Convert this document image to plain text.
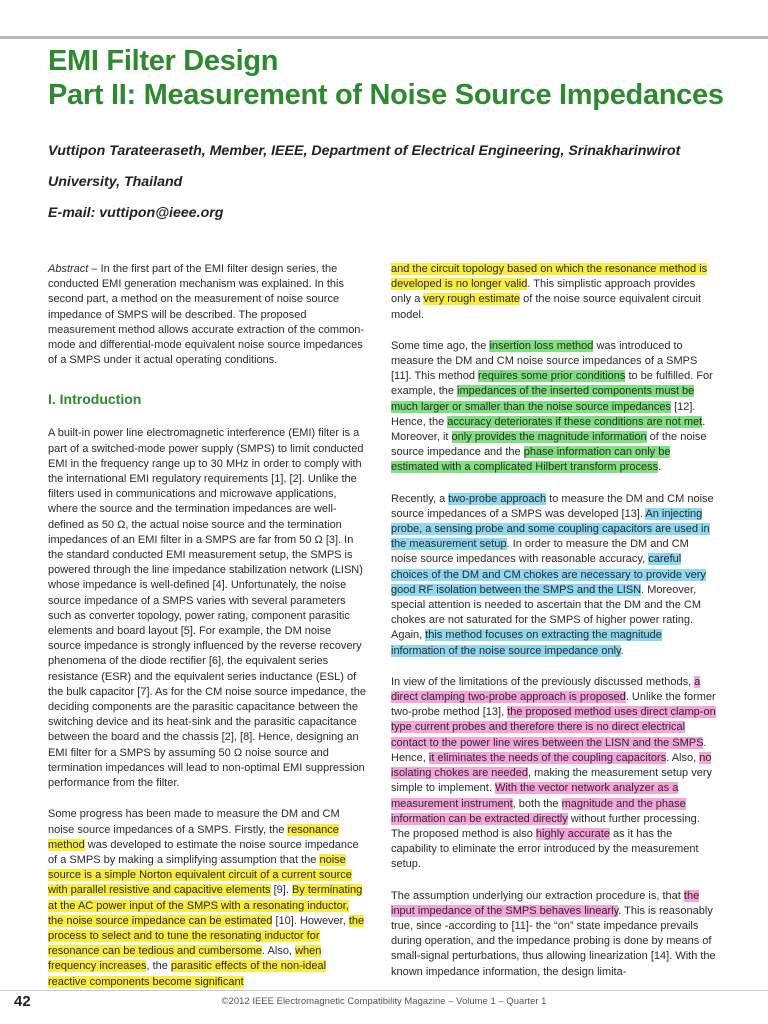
EMI Filter Design
Part II: Measurement of Noise Source Impedances
Vuttipon Tarateeraseth, Member, IEEE, Department of Electrical Engineering, Srinakharinwirot
University, Thailand
E-mail: vuttipon@ieee.org

Abstract – In the first part of the EMI filter design series, the conducted EMI generation mechanism was explained. In this second part, a method on the measurement of noise source impedance of SMPS will be described. The proposed measurement method allows accurate extraction of the common-mode and differential-mode equivalent noise source impedances of a SMPS under it actual operating conditions.

I. Introduction

A built-in power line electromagnetic interference (EMI) filter is a part of a switched-mode power supply (SMPS) to limit conducted EMI in the frequency range up to 30 MHz in order to comply with the international EMI regulatory requirements [1], [2]. Unlike the filters used in communications and microwave applications, where the source and the termination impedances are well-defined as 50 Ω, the actual noise source and the termination impedances of an EMI filter in a SMPS are far from 50 Ω [3]. In the standard conducted EMI measurement setup, the SMPS is powered through the line impedance stabilization network (LISN) whose impedance is well-defined [4]. Unfortunately, the noise source impedance of a SMPS varies with several parameters such as converter topology, power rating, component parasitic elements and board layout [5]. For example, the DM noise source impedance is strongly influenced by the reverse recovery phenomena of the diode rectifier [6], the equivalent series resistance (ESR) and the equivalent series inductance (ESL) of the bulk capacitor [7]. As for the CM noise source impedance, the deciding components are the parasitic capacitance between the switching device and its heat-sink and the parasitic capacitance between the board and the chassis [2], [8]. Hence, designing an EMI filter for a SMPS by assuming 50 Ω noise source and termination impedances will lead to non-optimal EMI suppression performance from the filter.

Some progress has been made to measure the DM and CM noise source impedances of a SMPS. Firstly, the resonance method was developed to estimate the noise source impedance of a SMPS by making a simplifying assumption that the noise source is a simple Norton equivalent circuit of a current source with parallel resistive and capacitive elements [9]. By terminating at the AC power input of the SMPS with a resonating inductor, the noise source impedance can be estimated [10]. However, the process to select and to tune the resonating inductor for resonance can be tedious and cumbersome. Also, when frequency increases, the parasitic effects of the non-ideal reactive components become significant

and the circuit topology based on which the resonance method is developed is no longer valid. This simplistic approach provides only a very rough estimate of the noise source equivalent circuit model.

Some time ago, the insertion loss method was introduced to measure the DM and CM noise source impedances of a SMPS [11]. This method requires some prior conditions to be fulfilled. For example, the impedances of the inserted components must be much larger or smaller than the noise source impedances [12]. Hence, the accuracy deteriorates if these conditions are not met. Moreover, it only provides the magnitude information of the noise source impedance and the phase information can only be estimated with a complicated Hilbert transform process.

Recently, a two-probe approach to measure the DM and CM noise source impedances of a SMPS was developed [13]. An injecting probe, a sensing probe and some coupling capacitors are used in the measurement setup. In order to measure the DM and CM noise source impedances with reasonable accuracy, careful choices of the DM and CM chokes are necessary to provide very good RF isolation between the SMPS and the LISN. Moreover, special attention is needed to ascertain that the DM and the CM chokes are not saturated for the SMPS of higher power rating. Again, this method focuses on extracting the magnitude information of the noise source impedance only.

In view of the limitations of the previously discussed methods, a direct clamping two-probe approach is proposed. Unlike the former two-probe method [13], the proposed method uses direct clamp-on type current probes and therefore there is no direct electrical contact to the power line wires between the LISN and the SMPS. Hence, it eliminates the needs of the coupling capacitors. Also, no isolating chokes are needed, making the measurement setup very simple to implement. With the vector network analyzer as a measurement instrument, both the magnitude and the phase information can be extracted directly without further processing. The proposed method is also highly accurate as it has the capability to eliminate the error introduced by the measurement setup.

The assumption underlying our extraction procedure is, that the input impedance of the SMPS behaves linearly. This is reasonably true, since -according to [11]- the “on” state impedance prevails during operation, and the impedance probing is done by means of small-signal perturbations, thus allowing linearization [14]. With the known impedance information, the design limita-

42	©2012 IEEE Electromagnetic Compatibility Magazine – Volume 1 – Quarter 1
